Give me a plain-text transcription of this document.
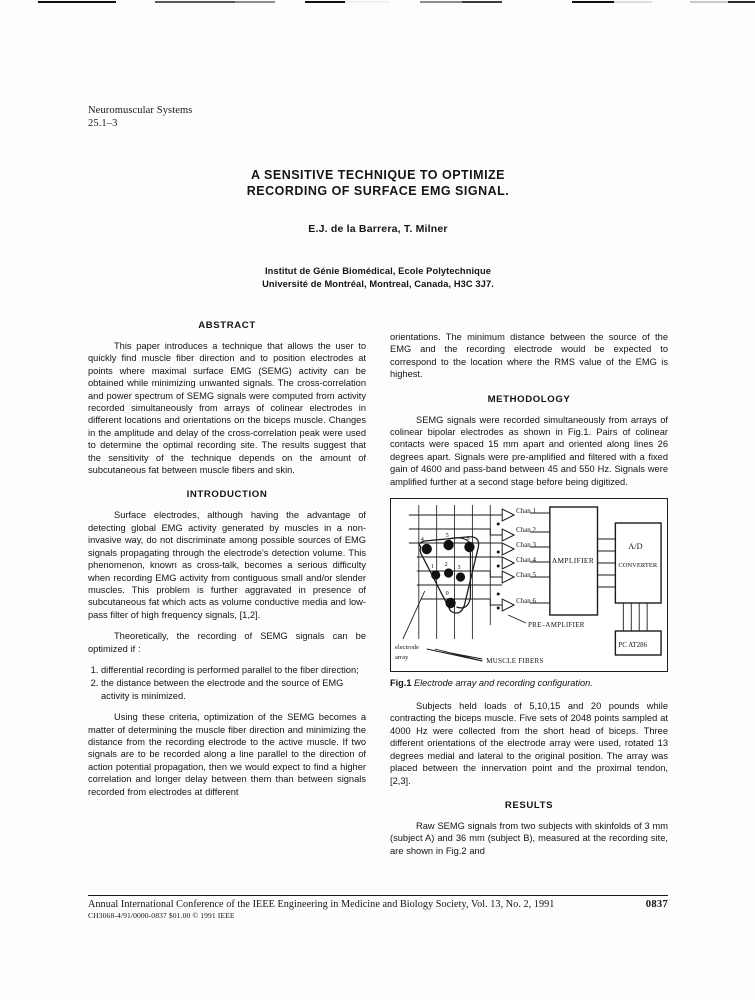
Neuromuscular Systems
25.1–3
A SENSITIVE TECHNIQUE TO OPTIMIZE
RECORDING OF SURFACE EMG SIGNAL.
E.J. de la Barrera, T. Milner
Institut de Génie Biomédical, Ecole Polytechnique
Université de Montréal, Montreal, Canada, H3C 3J7.
ABSTRACT

This paper introduces a technique that allows the user to quickly find muscle fiber direction and to position electrodes at points where maximal surface EMG (SEMG) activity can be obtained while minimizing unwanted signals. The cross-correlation and power spectrum of SEMG signals were computed from activity recorded simultaneously from arrays of colinear electrodes in different locations and orientations on the biceps muscle. Changes in the amplitude and delay of the cross-correlation peak were used to determine the optimal recording site. The results suggest that the sensitivity of the technique depends on the amount of subcutaneous fat between muscle fibers and skin.

INTRODUCTION

Surface electrodes, although having the advantage of detecting global EMG activity generated by muscles in a non-invasive way, do not discriminate among possible sources of EMG signals propagating through the electrode's detection volume. This phenomenon, known as cross-talk, becomes a serious difficulty when recording EMG activity from contiguous small and/or slender muscles. This problem is further aggravated in presence of subcutaneous fat which acts as volume conductive media and low-pass filter of high frequency signals, [1,2].

Theoretically, the recording of SEMG signals can be optimized if :

1. differential recording is performed parallel to the fiber direction;
2. the distance between the electrode and the source of EMG activity is minimized.

Using these criteria, optimization of the SEMG becomes a matter of determining the muscle fiber direction and minimizing the distance from the recording electrode to the active muscle. If two signals are to be recorded along a line parallel to the direction of action potential propagation, then we would expect to find a higher correlation and longer delay between them than between signals recorded from electrodes at different

orientations. The minimum distance between the source of the EMG and the recording electrode would be expected to correspond to the location where the RMS value of the EMG is highest.

METHODOLOGY

SEMG signals were recorded simultaneously from arrays of colinear bipolar electrodes as shown in Fig.1. Pairs of colinear contacts were spaced 15 mm apart and oriented along lines 26 degrees apart. Signals were pre-amplified and filtered with a fixed gain of 4600 and pass-band between 45 and 550 Hz. Signals were amplified further at a second stage before being digitized.

4
5	6
1 2 3
0
Chan 1
Chan 2
Chan 3
Chan 4
Chan 5
Chan 6
AMPLIFIER
A/D
CONVERTER
PC AT286
electrode
array
PRE–AMPLIFIER
MUSCLE FIBERS
Fig.1 Electrode array and recording configuration.

Subjects held loads of 5,10,15 and 20 pounds while contracting the biceps muscle. Five sets of 2048 points sampled at 4000 Hz were collected from the short head of biceps. Three different orientations of the electrode array were used, rotated 13 degrees medial and lateral to the original position. The array was placed between the innervation point and the proximal tendon, [2,3].

RESULTS

Raw SEMG signals from two subjects with skinfolds of 3 mm (subject A) and 36 mm (subject B), measured at the recording site, are shown in Fig.2 and

Annual International Conference of the IEEE Engineering in Medicine and Biology Society, Vol. 13, No. 2, 1991	0837
CH3068-4/91/0000-0837 $01.00 © 1991 IEEE
